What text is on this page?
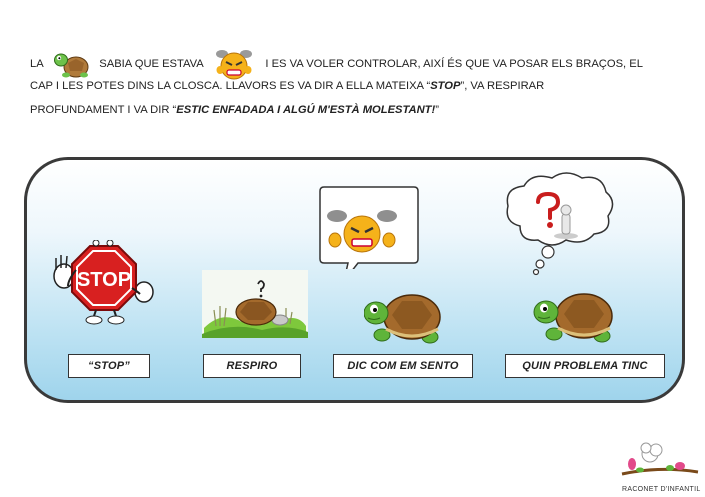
LA	SABIA QUE ESTAVA	I ES VA VOLER CONTROLAR, AIXÍ ÉS QUE VA POSAR ELS BRAÇOS, EL
CAP I LES POTES DINS LA CLOSCA. LLAVORS ES VA DIR A ELLA MATEIXA “STOP”, VA RESPIRAR
PROFUNDAMENT I VA DIR “ESTIC ENFADADA I ALGÚ M'ESTÀ MOLESTANT!”
STOP
“STOP”	RESPIRO	DIC COM EM SENTO	QUIN PROBLEMA TINC
RACONET D'INFANTIL
